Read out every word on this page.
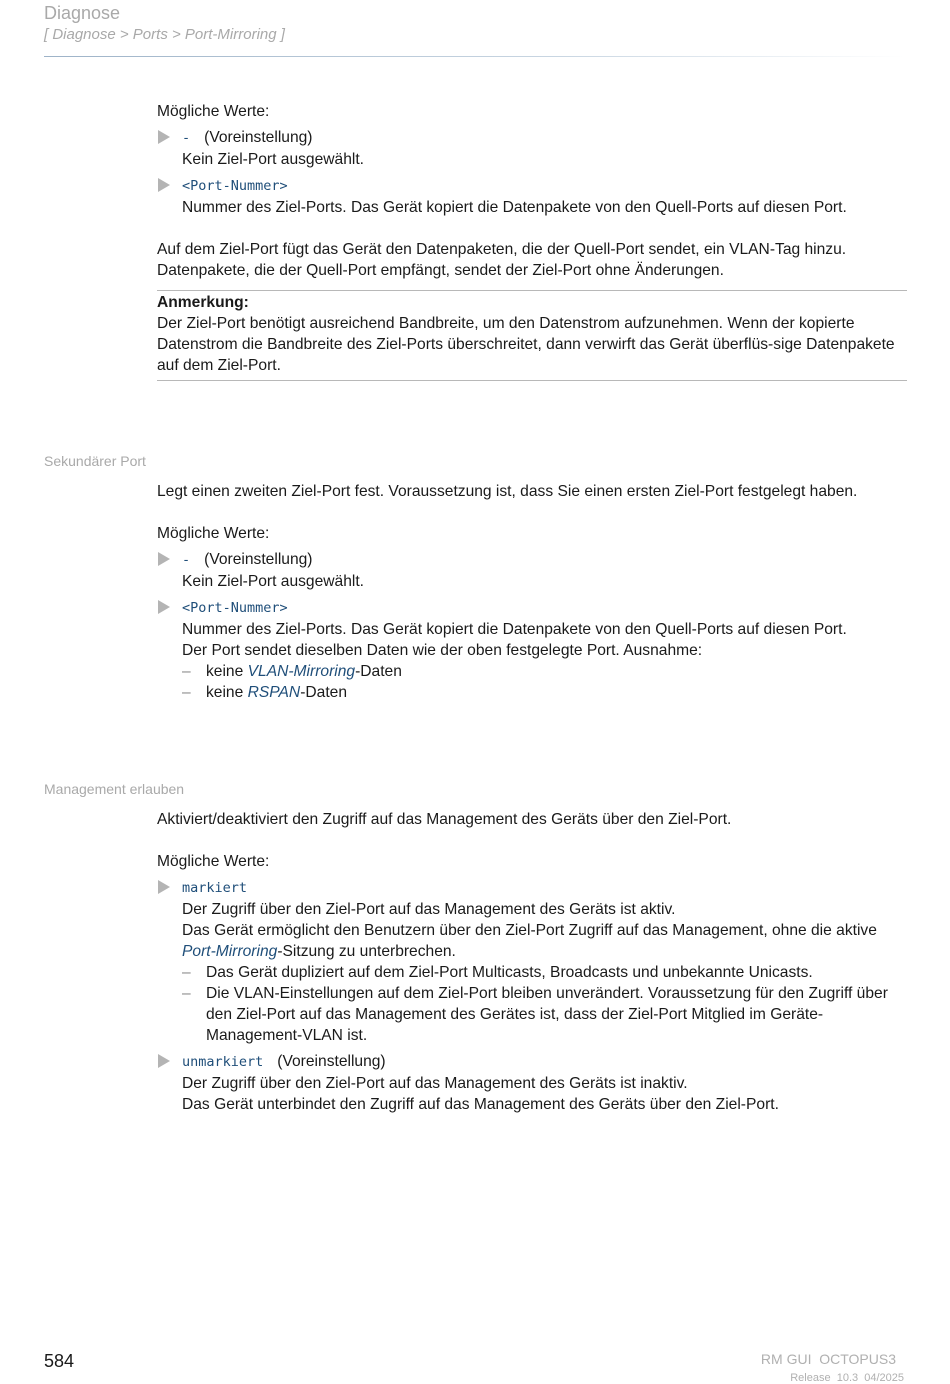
Diagnose
[ Diagnose > Ports > Port-Mirroring ]

Mögliche Werte:

- (Voreinstellung)
Kein Ziel-Port ausgewählt.
<Port-Nummer>
Nummer des Ziel-Ports. Das Gerät kopiert die Datenpakete von den Quell-Ports auf diesen Port.

Auf dem Ziel-Port fügt das Gerät den Datenpaketen, die der Quell-Port sendet, ein VLAN-Tag hinzu. Datenpakete, die der Quell-Port empfängt, sendet der Ziel-Port ohne Änderungen.

Anmerkung:
Der Ziel-Port benötigt ausreichend Bandbreite, um den Datenstrom aufzunehmen. Wenn der kopierte Datenstrom die Bandbreite des Ziel-Ports überschreitet, dann verwirft das Gerät überflüs-sige Datenpakete auf dem Ziel-Port.
Sekundärer Port

Legt einen zweiten Ziel-Port fest. Voraussetzung ist, dass Sie einen ersten Ziel-Port festgelegt haben.

Mögliche Werte:

- (Voreinstellung)
Kein Ziel-Port ausgewählt.
<Port-Nummer>
Nummer des Ziel-Ports. Das Gerät kopiert die Datenpakete von den Quell-Ports auf diesen Port.
Der Port sendet dieselben Daten wie der oben festgelegte Port. Ausnahme:
– keine VLAN-Mirroring-Daten
– keine RSPAN-Daten
Management erlauben

Aktiviert/deaktiviert den Zugriff auf das Management des Geräts über den Ziel-Port.

Mögliche Werte:

markiert
Der Zugriff über den Ziel-Port auf das Management des Geräts ist aktiv.
Das Gerät ermöglicht den Benutzern über den Ziel-Port Zugriff auf das Management, ohne die aktive Port-Mirroring-Sitzung zu unterbrechen.
– Das Gerät dupliziert auf dem Ziel-Port Multicasts, Broadcasts und unbekannte Unicasts.
– Die VLAN-Einstellungen auf dem Ziel-Port bleiben unverändert. Voraussetzung für den Zugriff über den Ziel-Port auf das Management des Gerätes ist, dass der Ziel-Port Mitglied im Geräte-Management-VLAN ist.
unmarkiert (Voreinstellung)
Der Zugriff über den Ziel-Port auf das Management des Geräts ist inaktiv.
Das Gerät unterbindet den Zugriff auf das Management des Geräts über den Ziel-Port.
584	RM GUI  OCTOPUS3
Release  10.3  04/2025
